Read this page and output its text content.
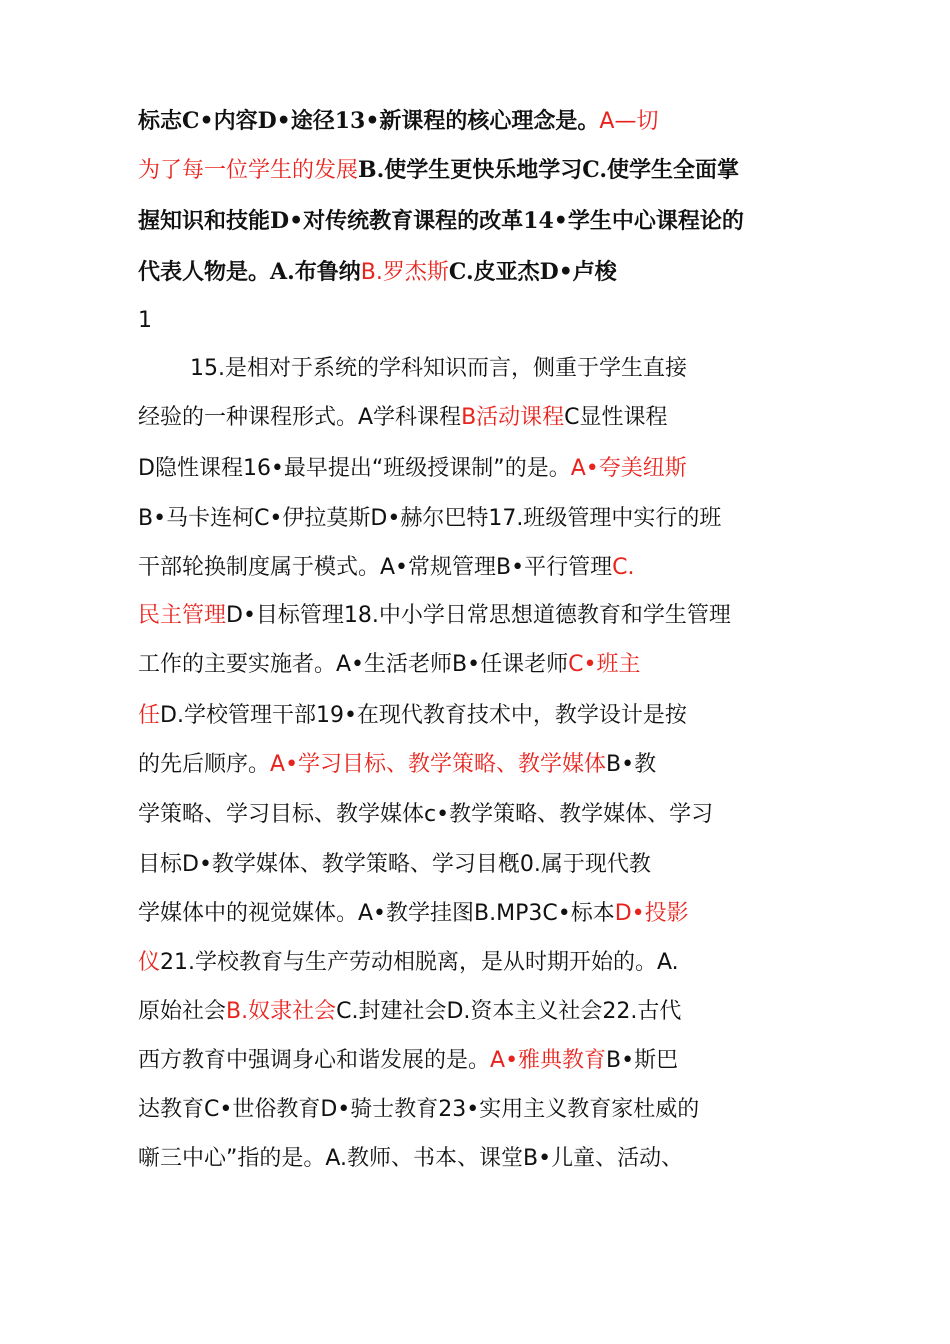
标志C•内容D•途径13•新课程的核心理念是。A—切
为了每一位学生的发展B.使学生更快乐地学习C.使学生全面掌
握知识和技能D•对传统教育课程的改革14•学生中心课程论的
代表人物是。A.布鲁纳B.罗杰斯C.皮亚杰D•卢梭
1
15.是相对于系统的学科知识而言，侧重于学生直接
经验的一种课程形式。A学科课程B活动课程C显性课程
D隐性课程16•最早提出“班级授课制”的是。A•夸美纽斯
B•马卡连柯C•伊拉莫斯D•赫尔巴特17.班级管理中实行的班
干部轮换制度属于模式。A•常规管理B•平行管理C.
民主管理D•目标管理18.中小学日常思想道德教育和学生管理
工作的主要实施者。A•生活老师B•任课老师C•班主
任D.学校管理干部19•在现代教育技术中，教学设计是按
的先后顺序。A•学习目标、教学策略、教学媒体B•教
学策略、学习目标、教学媒体c•教学策略、教学媒体、学习
目标D•教学媒体、教学策略、学习目槪0.属于现代教
学媒体中的视觉媒体。A•教学挂图B.MP3C•标本D•投影
仪21.学校教育与生产劳动相脱离，是从时期开始的。A.
原始社会B.奴隶社会C.封建社会D.资本主义社会22.古代
西方教育中强调身心和谐发展的是。A•雅典教育B•斯巴
达教育C•世俗教育D•骑士教育23•实用主义教育家杜威的
噺三中心”指的是。A.教师、书本、课堂B•儿童、活动、
